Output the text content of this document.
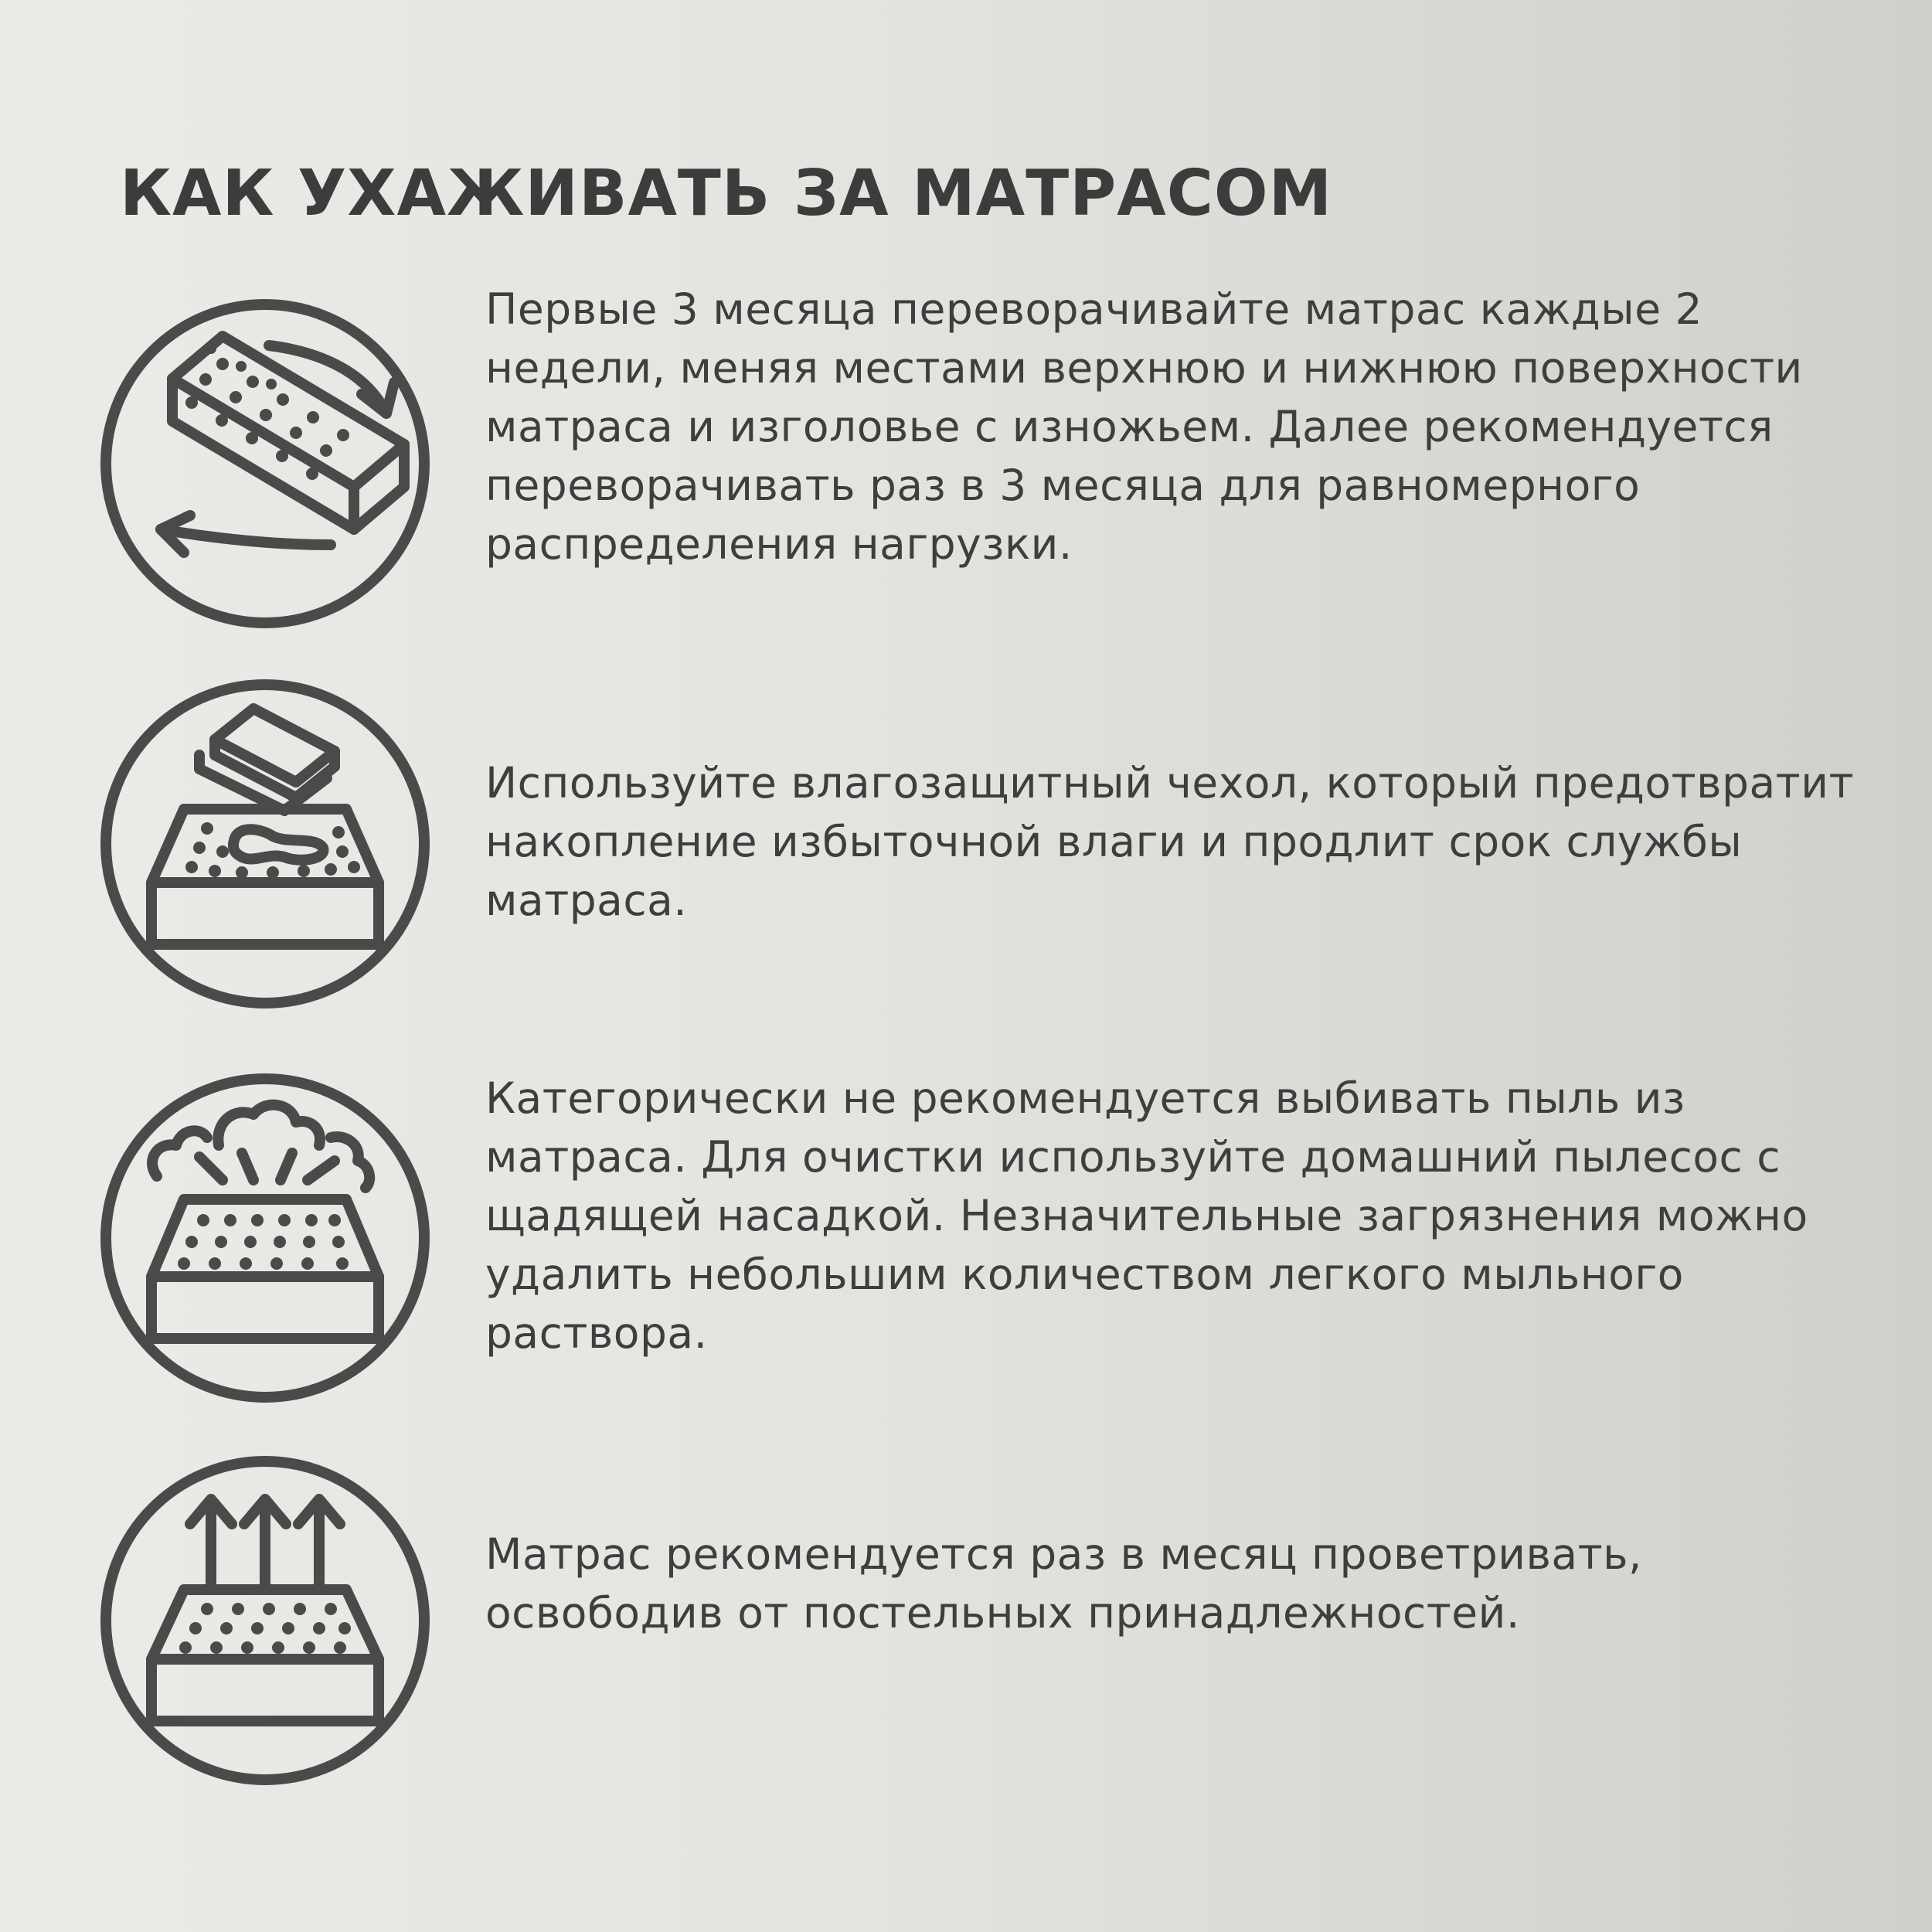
КАК УХАЖИВАТЬ ЗА МАТРАСОМ

Первые 3 месяца переворачивайте матрас каждые 2 недели, меняя местами верхнюю и нижнюю поверхности матраса и изголовье с изножьем. Далее рекомендуется переворачивать раз в 3 месяца для равномерного распределения нагрузки.

Используйте влагозащитный чехол, который предотвратит накопление избыточной влаги и продлит срок службы матраса.

Категорически не рекомендуется выбивать пыль из матраса. Для очистки используйте домашний пылесос с щадящей насадкой. Незначительные загрязнения можно удалить небольшим количеством легкого мыльного раствора.

Матрас рекомендуется раз в месяц проветривать, освободив от постельных принадлежностей.
